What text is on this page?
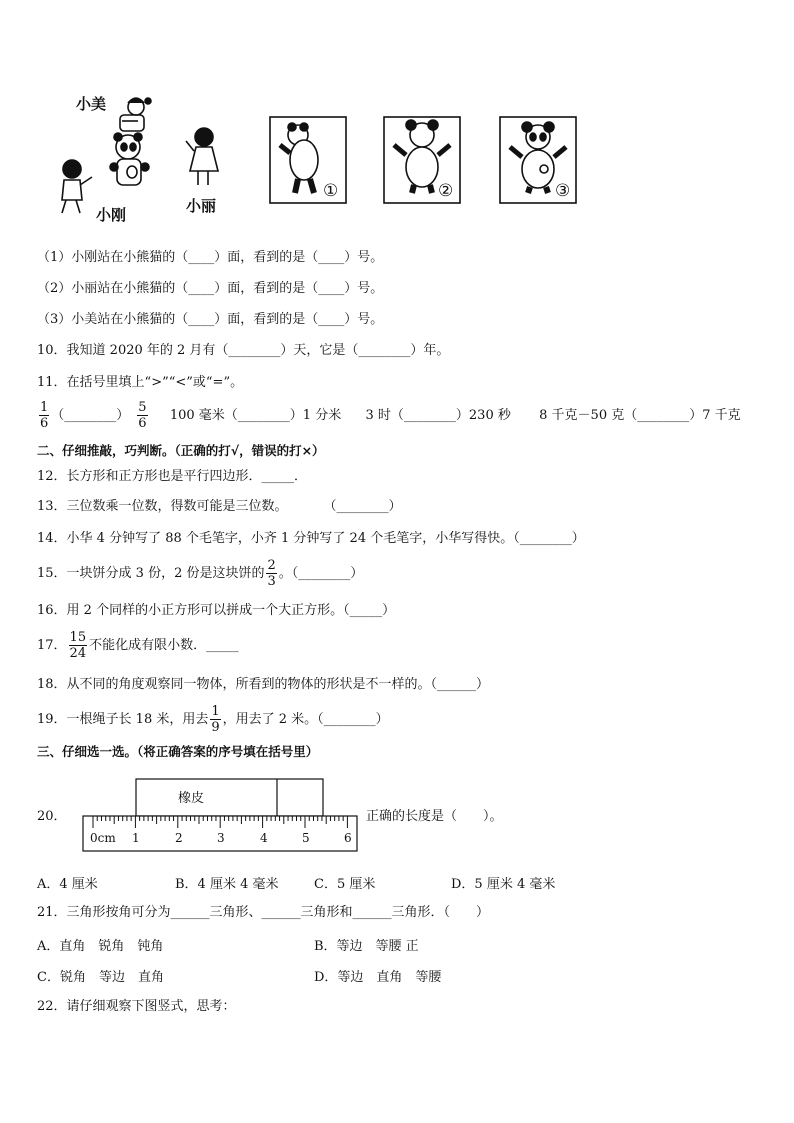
小美
小刚	小丽
①	②	③
（1）小刚站在小熊猫的（____）面，看到的是（____）号。
（2）小丽站在小熊猫的（____）面，看到的是（____）号。
（3）小美站在小熊猫的（____）面，看到的是（____）号。
10．我知道 2020 年的 2 月有（________）天，它是（________）年。
11．在括号里填上“>”“<”或“=”。
$\frac{1}{6}$ （________） $\frac{5}{6} 100$ 毫米（________）1 分米 3 时（________）230 秒 8 千克－50 克（________）7 千克
二、仔细推敲，巧判断。（正确的打√，错误的打×）
12．长方形和正方形也是平行四边形．_____．
13．三位数乘一位数，得数可能是三位数。	（________）
14．小华 4 分钟写了 88 个毛笔字，小齐 1 分钟写了 24 个毛笔字，小华写得快。（________）
15．一块饼分成 3 份，2 份是这块饼的 $\frac{2}{3}$ 。（________）
16．用 2 个同样的小正方形可以拼成一个大正方形。（_____）
17． $\frac{15}{24}$ 不能化成有限小数．_____
18．从不同的角度观察同一物体，所看到的物体的形状是不一样的。（______）
19．一根绳子长 18 米，用去 $\frac{1}{9}$ ，用去了 2 米。（________）
三、仔细选一选。（将正确答案的序号填在括号里）
20．
橡皮
0cm 1	2	3	4	5	6
正确的长度是（　　）。
A．4 厘米	B．4 厘米 4 毫米	C．5 厘米	D．5 厘米 4 毫米
21．三角形按角可分为______三角形、______三角形和______三角形．（　　）
A．直角　锐角　钝角	B．等边　等腰 正
C．锐角　等边　直角	D．等边　直角　等腰
22．请仔细观察下图竖式，思考：
